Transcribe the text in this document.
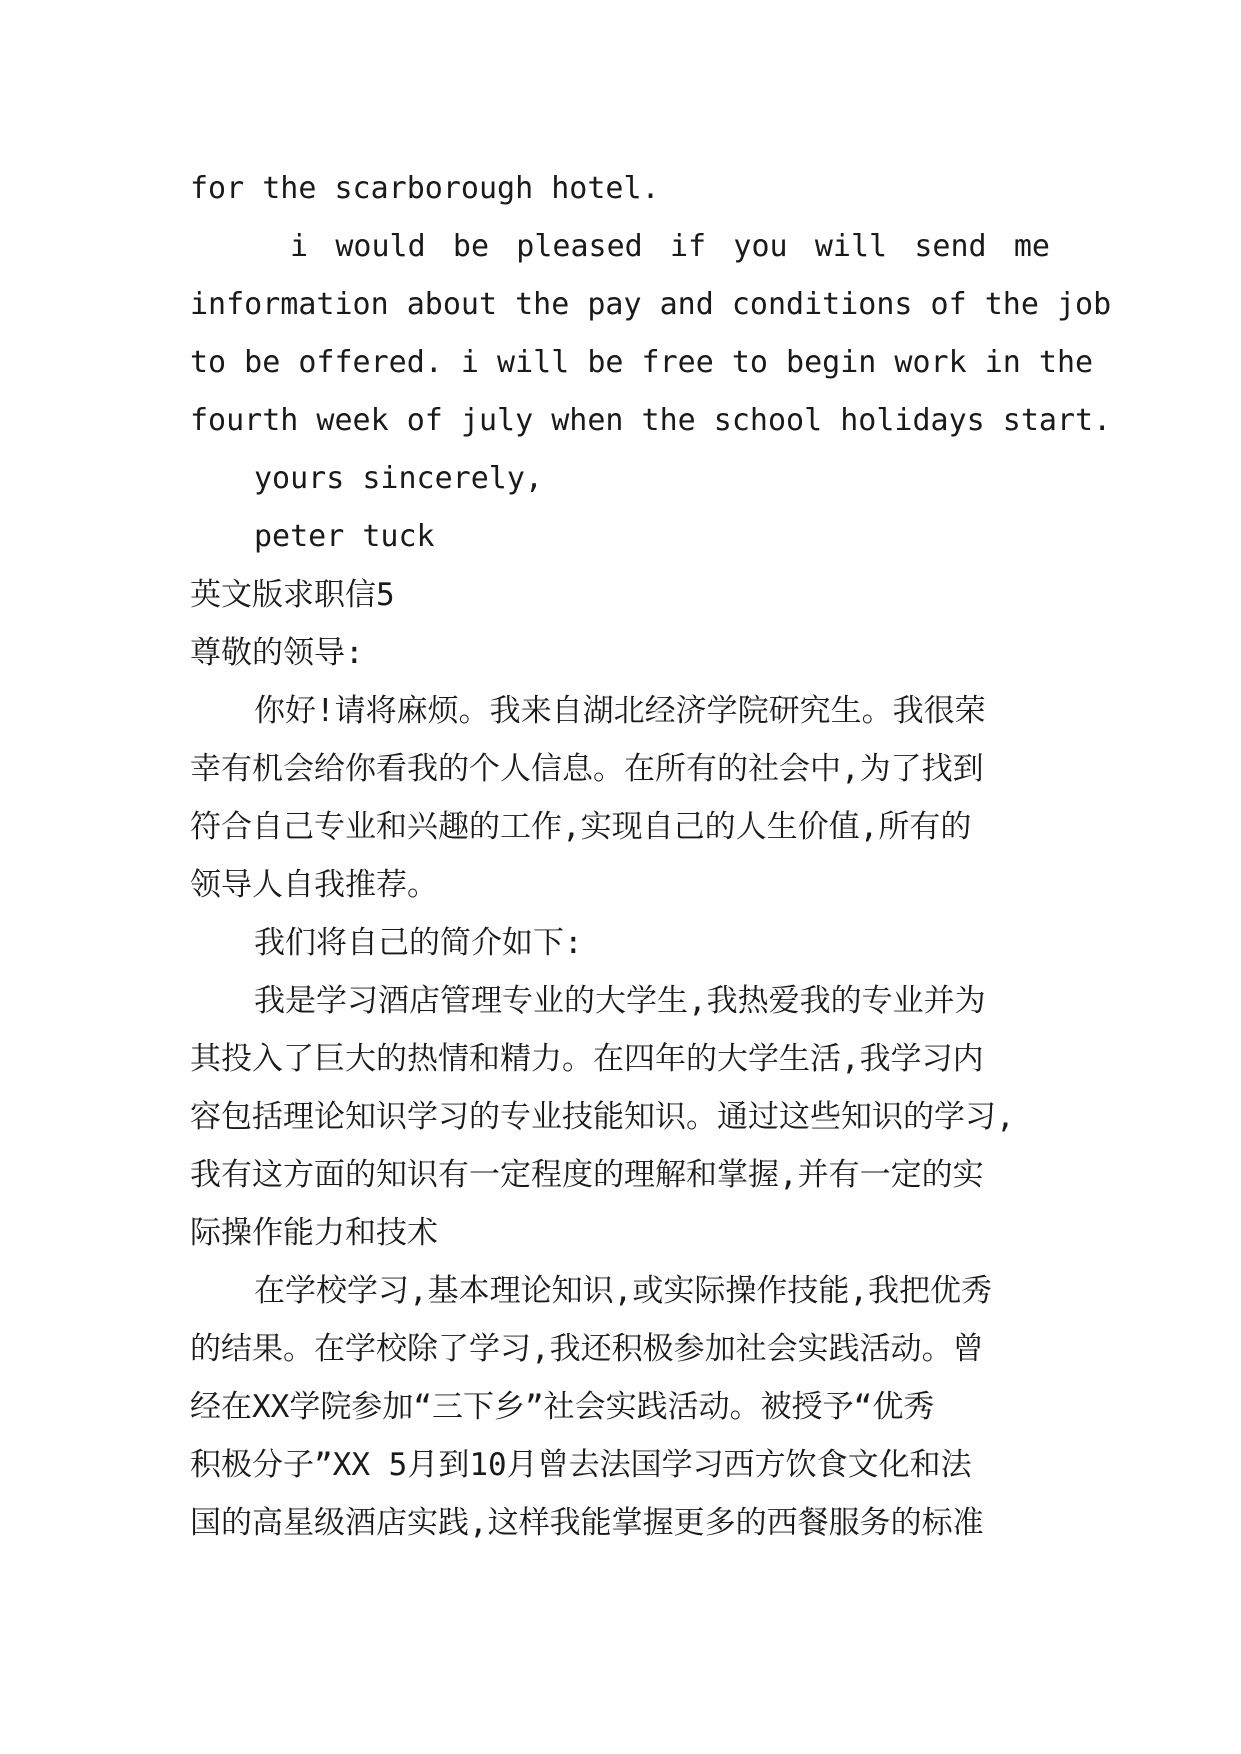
for the scarborough hotel.
i would be pleased if you will send me
information about the pay and conditions of the job
to be offered. i will be free to begin work in the
fourth week of july when the school holidays start.
yours sincerely,
peter tuck
英文版求职信5
尊敬的领导:
你好!请将麻烦。我来自湖北经济学院研究生。我很荣
幸有机会给你看我的个人信息。在所有的社会中,为了找到
符合自己专业和兴趣的工作,实现自己的人生价值,所有的
领导人自我推荐。
我们将自己的简介如下:
我是学习酒店管理专业的大学生,我热爱我的专业并为
其投入了巨大的热情和精力。在四年的大学生活,我学习内
容包括理论知识学习的专业技能知识。通过这些知识的学习,
我有这方面的知识有一定程度的理解和掌握,并有一定的实
际操作能力和技术
在学校学习,基本理论知识,或实际操作技能,我把优秀
的结果。在学校除了学习,我还积极参加社会实践活动。曾
经在XX学院参加“三下乡”社会实践活动。被授予“优秀
积极分子”XX 5月到10月曾去法国学习西方饮食文化和法
国的高星级酒店实践,这样我能掌握更多的西餐服务的标准
